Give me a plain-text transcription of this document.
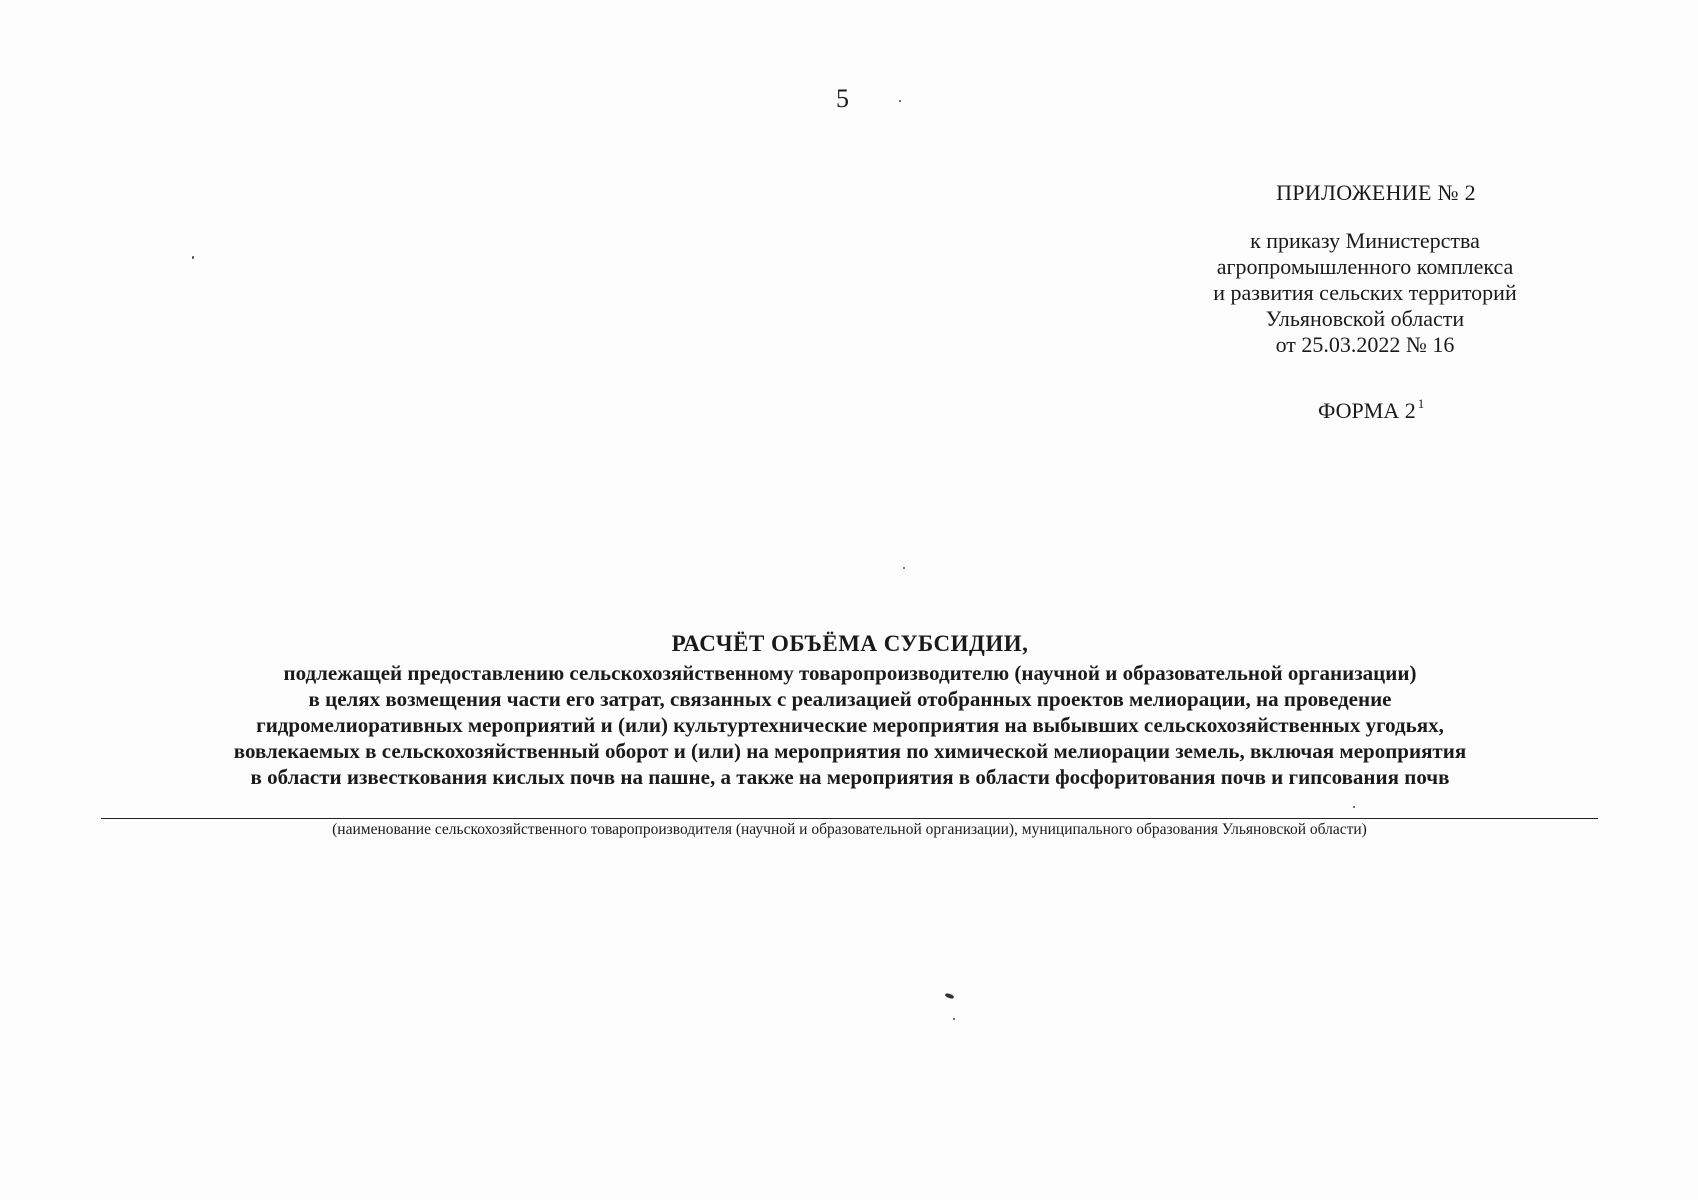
5
ПРИЛОЖЕНИЕ № 2
к приказу Министерства
агропромышленного комплекса
и развития сельских территорий
Ульяновской области
от 25.03.2022 № 16
ФОРМА 2 $^1$
РАСЧЁТ ОБЪЁМА СУБСИДИИ,
подлежащей предоставлению сельскохозяйственному товаропроизводителю (научной и образовательной организации)
в целях возмещения части его затрат, связанных с реализацией отобранных проектов мелиорации, на проведение
гидромелиоративных мероприятий и (или) культуртехнические мероприятия на выбывших сельскохозяйственных угодьях,
вовлекаемых в сельскохозяйственный оборот и (или) на мероприятия по химической мелиорации земель, включая мероприятия
в области известкования кислых почв на пашне, а также на мероприятия в области фосфоритования почв и гипсования почв
(наименование сельскохозяйственного товаропроизводителя (научной и образовательной организации), муниципального образования Ульяновской области)
